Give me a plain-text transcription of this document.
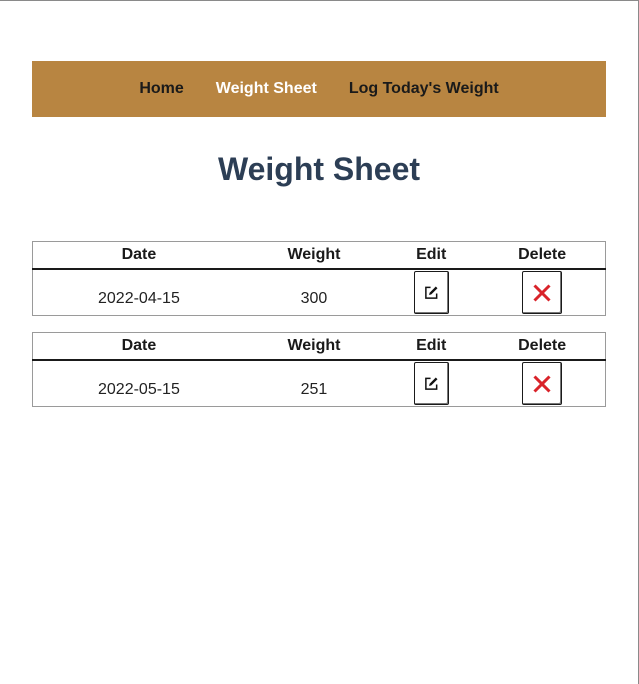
Home Weight Sheet Log Today's Weight
Weight Sheet
Date	Weight	Edit	Delete
2022-04-15	300	

Date	Weight	Edit	Delete
2022-05-15	251	
